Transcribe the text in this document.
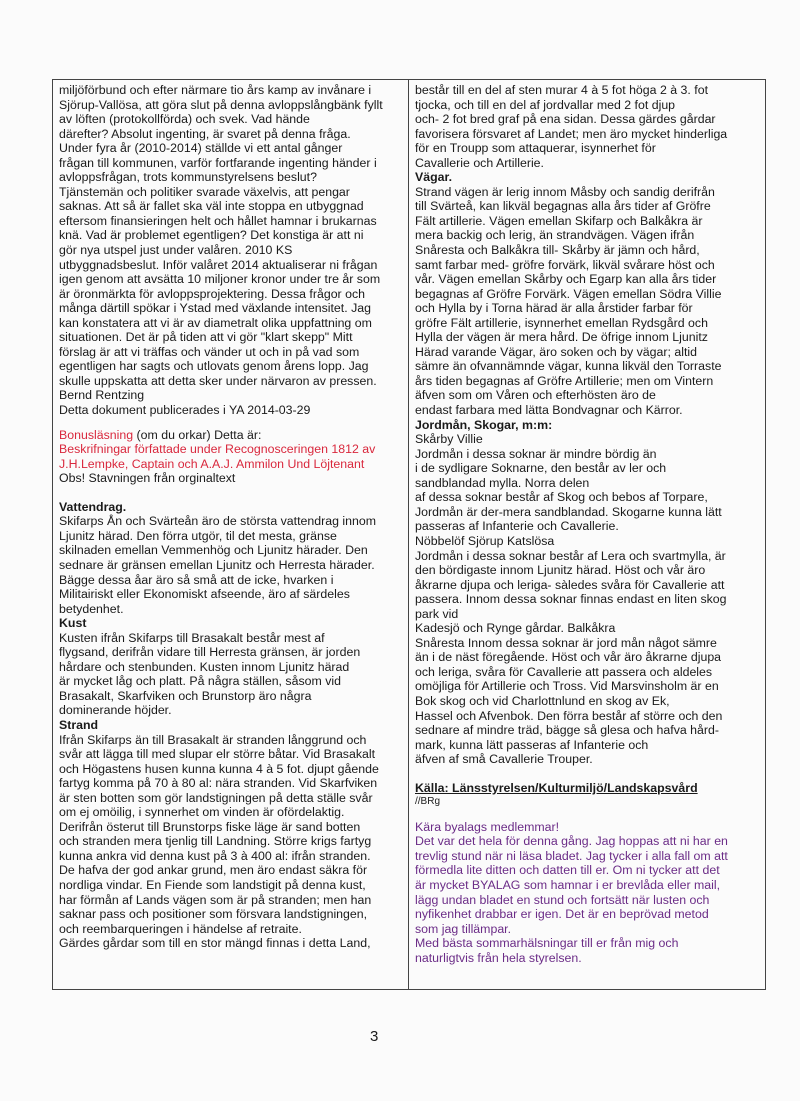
miljöförbund och efter närmare tio års kamp av invånare i
Sjörup-Vallösa, att göra slut på denna avloppslångbänk fyllt
av löften (protokollförda) och svek. Vad hände
därefter? Absolut ingenting, är svaret på denna fråga.
Under fyra år (2010-2014) ställde vi ett antal gånger
frågan till kommunen, varför fortfarande ingenting händer i
avloppsfrågan, trots kommunstyrelsens beslut?
Tjänstemän och politiker svarade växelvis, att pengar
saknas. Att så är fallet ska väl inte stoppa en utbyggnad
eftersom finansieringen helt och hållet hamnar i brukarnas
knä. Vad är problemet egentligen? Det konstiga är att ni
gör nya utspel just under valåren. 2010 KS
utbyggnadsbeslut. Inför valåret 2014 aktualiserar ni frågan
igen genom att avsätta 10 miljoner kronor under tre år som
är öronmärkta för avloppsprojektering. Dessa frågor och
många därtill spökar i Ystad med växlande intensitet. Jag
kan konstatera att vi är av diametralt olika uppfattning om
situationen. Det är på tiden att vi gör "klart skepp" Mitt
förslag är att vi träffas och vänder ut och in på vad som
egentligen har sagts och utlovats genom årens lopp. Jag
skulle uppskatta att detta sker under närvaron av pressen.
Bernd Rentzing
Detta dokument publicerades i YA 2014-03-29
Bonusläsning (om du orkar) Detta är:
Beskrifningar författade under Recognosceringen 1812 av
J.H.Lempke, Captain och A.A.J. Ammilon Und Löjtenant
Obs! Stavningen från orginaltext
Vattendrag.
Skifarps Ån och Svärteån äro de största vattendrag innom
Ljunitz härad. Den förra utgör, til det mesta, gränse
skilnaden emellan Vemmenhög och Ljunitz härader. Den
sednare är gränsen emellan Ljunitz och Herresta härader.
Bägge dessa åar äro så små att de icke, hvarken i
Militairiskt eller Ekonomiskt afseende, äro af särdeles
betydenhet.
Kust
Kusten ifrån Skifarps till Brasakalt består mest af
flygsand, derifrån vidare till Herresta gränsen, är jorden
hårdare och stenbunden. Kusten innom Ljunitz härad
är mycket låg och platt. På några ställen, såsom vid
Brasakalt, Skarfviken och Brunstorp äro några
dominerande höjder.
Strand
Ifrån Skifarps än till Brasakalt är stranden långgrund och
svår att lägga till med slupar elr större båtar. Vid Brasakalt
och Högastens husen kunna kunna 4 à 5 fot. djupt gående
fartyg komma på 70 à 80 al: nära stranden. Vid Skarfviken
är sten botten som gör landstigningen på detta ställe svår
om ej omöilig, i synnerhet om vinden är ofördelaktig.
Derifrån österut till Brunstorps fiske läge är sand botten
och stranden mera tjenlig till Landning. Större krigs fartyg
kunna ankra vid denna kust på 3 à 400 al: ifrån stranden.
De hafva der god ankar grund, men äro endast säkra för
nordliga vindar. En Fiende som landstigit på denna kust,
har förmån af Lands vägen som är på stranden; men han
saknar pass och positioner som försvara landstigningen,
och reembarqueringen i händelse af retraite.
Gärdes gårdar som till en stor mängd finnas i detta Land,
består till en del af sten murar 4 à 5 fot höga 2 à 3. fot
tjocka, och till en del af jordvallar med 2 fot djup
och- 2 fot bred graf på ena sidan. Dessa gärdes gårdar
favorisera försvaret af Landet; men äro mycket hinderliga
för en Troupp som attaquerar, isynnerhet för
Cavallerie och Artillerie.
Vägar.
Strand vägen är lerig innom Måsby och sandig derifrån
till Svärteå, kan likväl begagnas alla års tider af Gröfre
Fält artillerie. Vägen emellan Skifarp och Balkåkra är
mera backig och lerig, än strandvägen. Vägen ifrån
Snåresta och Balkåkra till- Skårby är jämn och hård,
samt farbar med- gröfre forvärk, likväl svårare höst och
vår. Vägen emellan Skårby och Egarp kan alla års tider
begagnas af Gröfre Forvärk. Vägen emellan Södra Villie
och Hylla by i Torna härad är alla årstider farbar för
gröfre Fält artillerie, isynnerhet emellan Rydsgård och
Hylla der vägen är mera hård. De öfrige innom Ljunitz
Härad varande Vägar, äro soken och by vägar; altid
sämre än ofvannämnde vägar, kunna likväl den Torraste
års tiden begagnas af Gröfre Artillerie; men om Vintern
äfven som om Våren och efterhösten äro de
endast farbara med lätta Bondvagnar och Kärror.
Jordmån, Skogar, m:m:
Skårby Villie
Jordmån i dessa soknar är mindre bördig än
i de sydligare Soknarne, den består av ler och
sandblandad mylla. Norra delen
af dessa soknar består af Skog och bebos af Torpare,
Jordmån är der-mera sandblandad. Skogarne kunna lätt
passeras af Infanterie och Cavallerie.
Nöbbelöf Sjörup Katslösa
Jordmån i dessa soknar består af Lera och svartmylla, är
den bördigaste innom Ljunitz härad. Höst och vår äro
åkrarne djupa och leriga- sàledes svåra för Cavallerie att
passera. Innom dessa soknar finnas endast en liten skog
park vid
Kadesjö och Rynge gårdar. Balkåkra
Snåresta Innom dessa soknar är jord mån något sämre
än i de näst föregående. Höst och vår äro åkrarne djupa
och leriga, svåra för Cavallerie att passera och aldeles
omöjliga för Artillerie och Tross. Vid Marsvinsholm är en
Bok skog och vid Charlottnlund en skog av Ek,
Hassel och Afvenbok. Den förra består af större och den
sednare af mindre träd, bägge så glesa och hafva hård-
mark, kunna lätt passeras af Infanterie och
äfven af små Cavallerie Trouper.
Källa: Länsstyrelsen/Kulturmiljö/Landskapsvård
//BRg
Kära byalags medlemmar!
Det var det hela för denna gång. Jag hoppas att ni har en
trevlig stund när ni läsa bladet. Jag tycker i alla fall om att
förmedla lite ditten och datten till er. Om ni tycker att det
är mycket BYALAG som hamnar i er brevlåda eller mail,
lägg undan bladet en stund och fortsätt när lusten och
nyfikenhet drabbar er igen. Det är en beprövad metod
som jag tillämpar.
Med bästa sommarhälsningar till er från mig och
naturligtvis från hela styrelsen.
3
